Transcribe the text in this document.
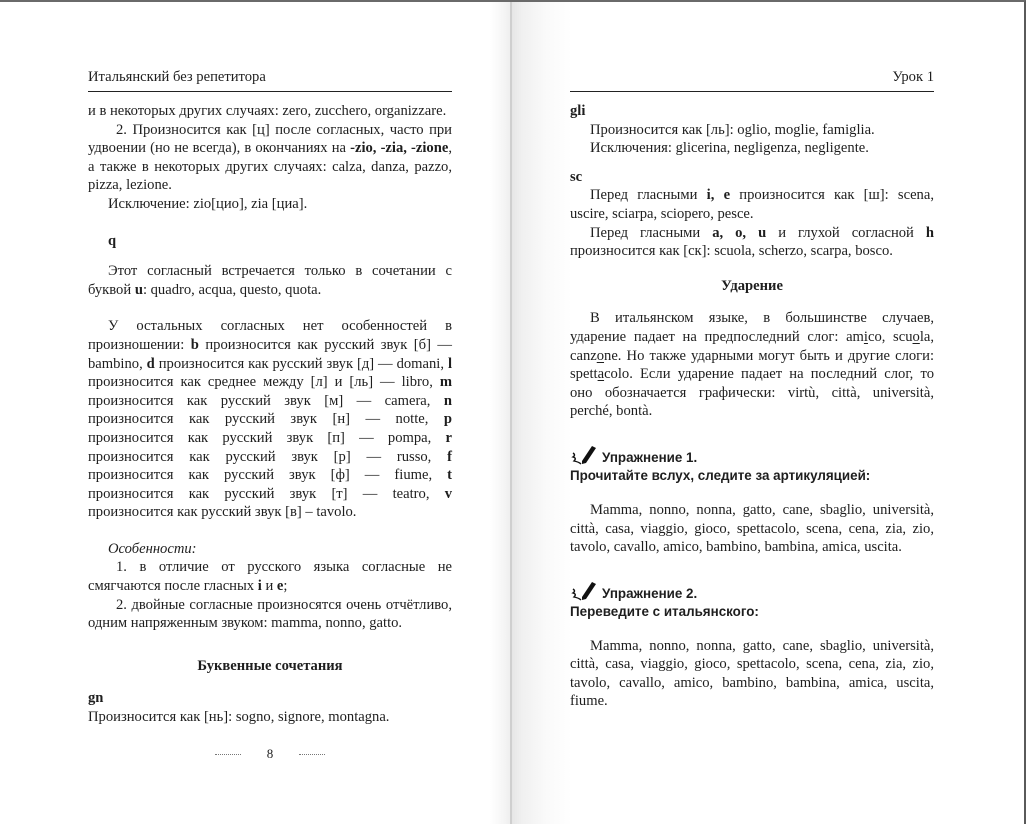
Итальянский без репетитора

и в некоторых других случаях: zero, zucchero, organizzare.

2. Произносится как [ц] после согласных, часто при удвоении (но не всегда), в окончаниях на -zio, -zia, -zione, а также в некоторых других случаях: calza, danza, pazzo, pizza, lezione.

Исключение: zio[цио], zia [циа].

q

Этот согласный встречается только в сочетании с буквой u: quadro, acqua, questo, quota.

У остальных согласных нет особенностей в произношении: b произносится как русский звук [б] — bambino, d произносится как русский звук [д] — domani, l произносится как среднее между [л] и [ль] — libro, m произносится как русский звук [м] — camera, n произносится как русский звук [н] — notte, p произносится как русский звук [п] — pompa, r произносится как русский звук [р] — russo, f произносится как русский звук [ф] — fiume, t произносится как русский звук [т] — teatro, v произносится как русский звук [в] – tavolo.

Особенности:

1. в отличие от русского языка согласные не смягчаются после гласных i и e;

2. двойные согласные произносятся очень отчётливо, одним напряженным звуком: mamma, nonno, gatto.

Буквенные сочетания
gn

Произносится как [нь]: sogno, signore, montagna.

8
Урок 1
gli

Произносится как [ль]: oglio, moglie, famiglia.

Исключения: glicerina, negligenza, negligente.

sc

Перед гласными i, e произносится как [ш]: scena, uscire, sciarpa, sciopero, pesce.

Перед гласными a, o, u и глухой согласной h произносится как [ск]: scuola, scherzo, scarpa, bosco.

Ударение

В итальянском языке, в большинстве случаев, ударение падает на предпоследний слог: amico, scuola, canzone. Но также ударными могут быть и другие слоги: spettacolo. Если ударение падает на последний слог, то оно обозначается графически: virtù, città, università, perché, bontà.

Упражнение 1.
Прочитайте вслух, следите за артикуляцией:

Mamma, nonno, nonna, gatto, cane, sbaglio, università, città, casa, viaggio, gioco, spettacolo, scena, cena, zia, zio, tavolo, cavallo, amico, bambino, bambina, amica, uscita.

Упражнение 2.
Переведите с итальянского:

Mamma, nonno, nonna, gatto, cane, sbaglio, università, città, casa, viaggio, gioco, spettacolo, scena, cena, zia, zio, tavolo, cavallo, amico, bambino, bambina, amica, uscita, fiume.
